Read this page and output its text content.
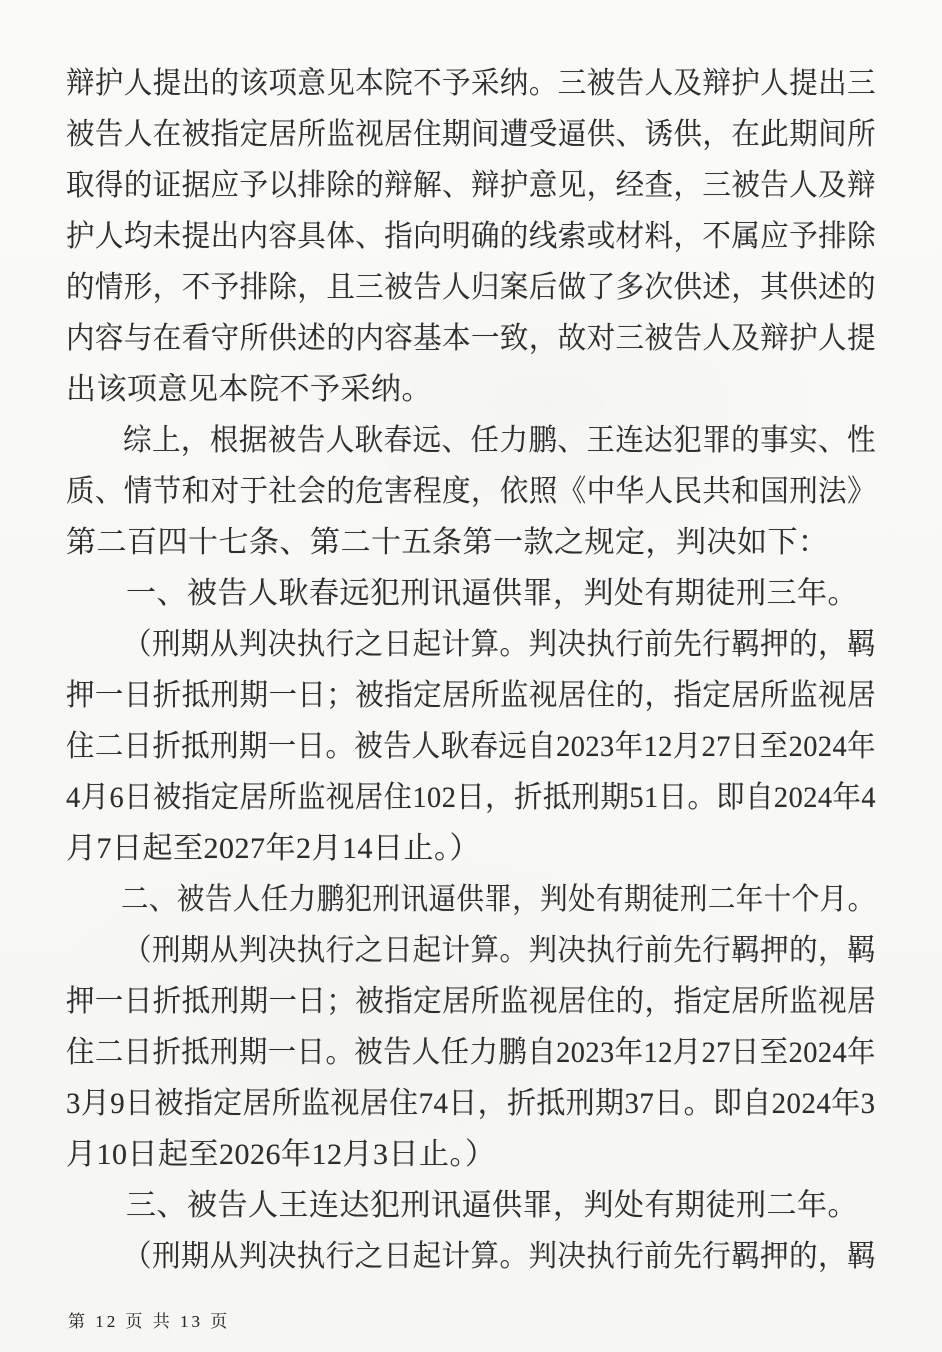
辩护人提出的该项意见本院不予采纳。三被告人及辩护人提出三
被告人在被指定居所监视居住期间遭受逼供、诱供，在此期间所
取得的证据应予以排除的辩解、辩护意见，经查，三被告人及辩
护人均未提出内容具体、指向明确的线索或材料，不属应予排除
的情形，不予排除，且三被告人归案后做了多次供述，其供述的
内容与在看守所供述的内容基本一致，故对三被告人及辩护人提
出该项意见本院不予采纳。
综上，根据被告人耿春远、任力鹏、王连达犯罪的事实、性
质、情节和对于社会的危害程度，依照《中华人民共和国刑法》
第二百四十七条、第二十五条第一款之规定，判决如下：
一、被告人耿春远犯刑讯逼供罪，判处有期徒刑三年。
（刑期从判决执行之日起计算。判决执行前先行羁押的，羁
押一日折抵刑期一日；被指定居所监视居住的，指定居所监视居
住二日折抵刑期一日。被告人耿春远自2023年12月27日至2024年
4月6日被指定居所监视居住102日，折抵刑期51日。即自2024年4
月7日起至2027年2月14日止。）
二、被告人任力鹏犯刑讯逼供罪，判处有期徒刑二年十个月。
（刑期从判决执行之日起计算。判决执行前先行羁押的，羁
押一日折抵刑期一日；被指定居所监视居住的，指定居所监视居
住二日折抵刑期一日。被告人任力鹏自2023年12月27日至2024年
3月9日被指定居所监视居住74日，折抵刑期37日。即自2024年3
月10日起至2026年12月3日止。）
三、被告人王连达犯刑讯逼供罪，判处有期徒刑二年。
（刑期从判决执行之日起计算。判决执行前先行羁押的，羁
第 12 页 共 13 页
